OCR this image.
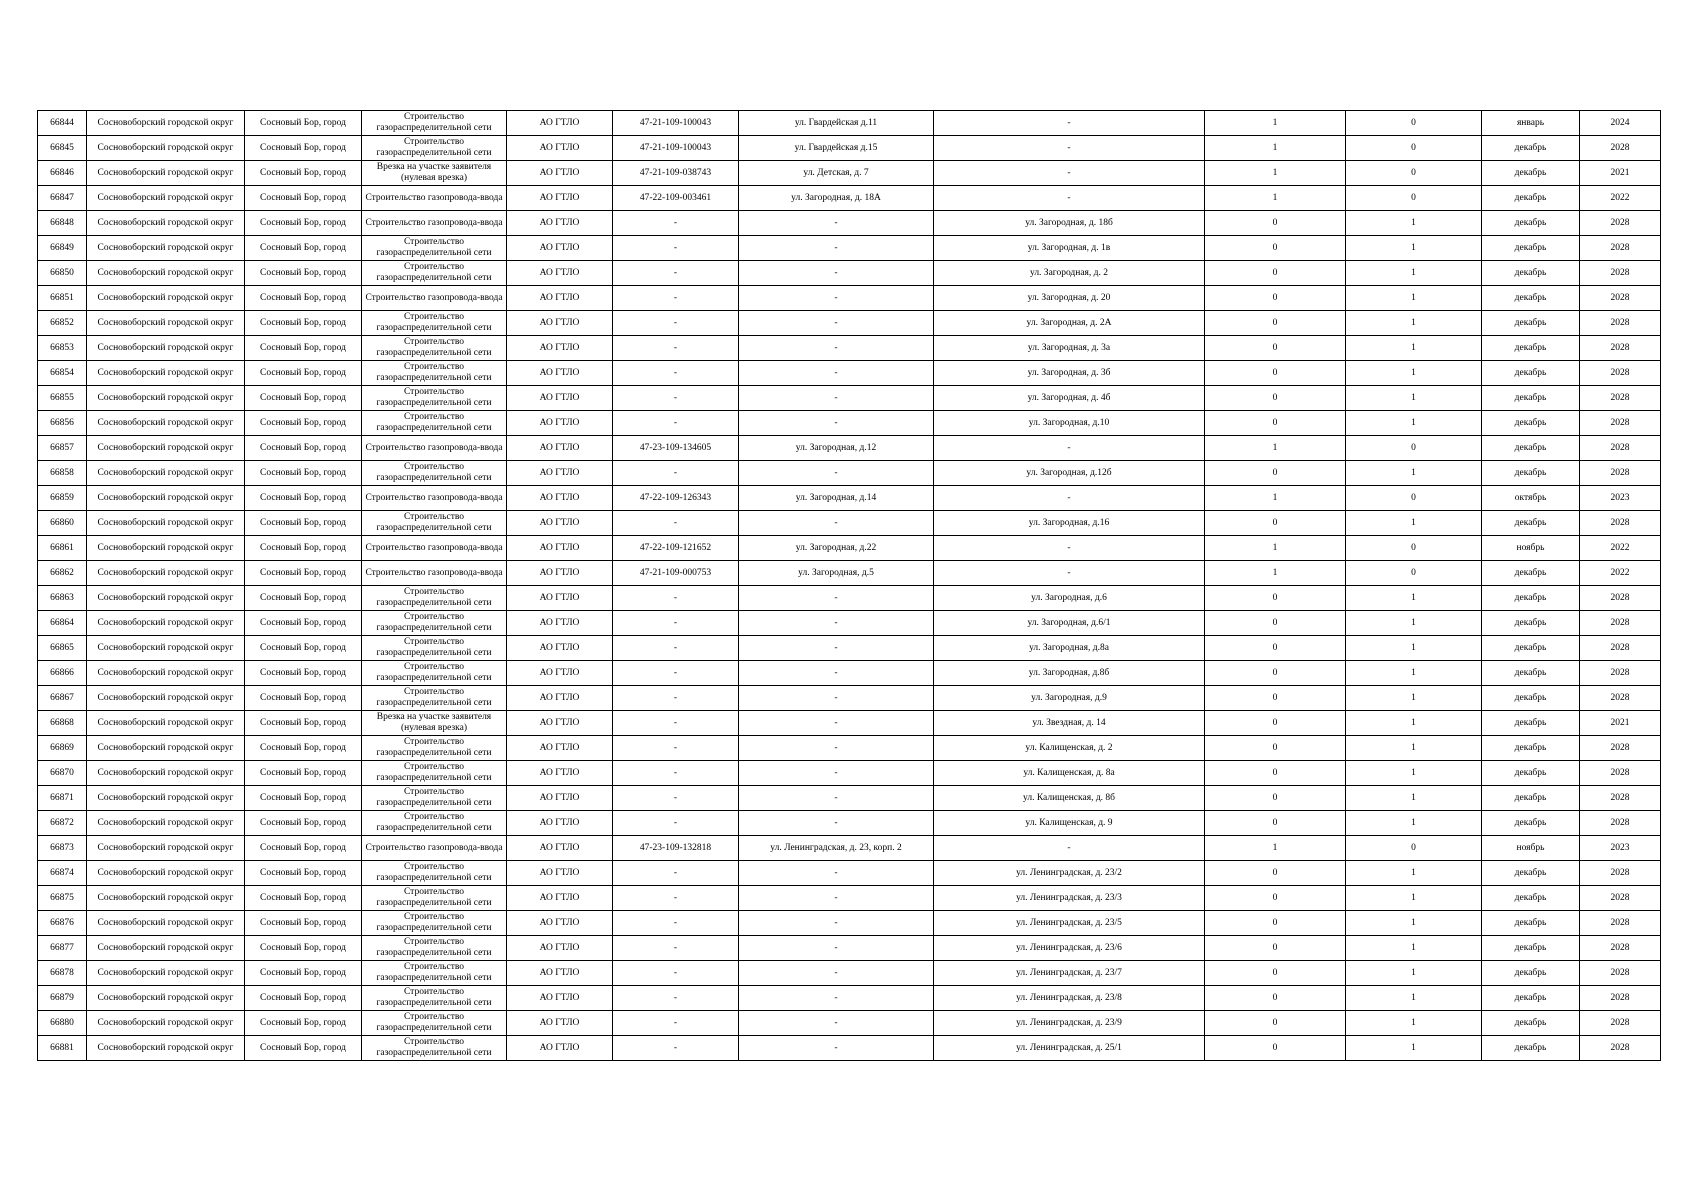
66844	Сосновоборский городской округ	Сосновый Бор, город	Строительство газораспределительной сети	АО ГТЛО	47-21-109-100043	ул. Гвардейская д.11	-	1	0	январь	2024
66845	Сосновоборский городской округ	Сосновый Бор, город	Строительство газораспределительной сети	АО ГТЛО	47-21-109-100043	ул. Гвардейская д.15	-	1	0	декабрь	2028
66846	Сосновоборский городской округ	Сосновый Бор, город	Врезка на участке заявителя (нулевая врезка)	АО ГТЛО	47-21-109-038743	ул. Детская, д. 7	-	1	0	декабрь	2021
66847	Сосновоборский городской округ	Сосновый Бор, город	Строительство газопровода-ввода	АО ГТЛО	47-22-109-003461	ул. Загородная, д. 18А	-	1	0	декабрь	2022
66848	Сосновоборский городской округ	Сосновый Бор, город	Строительство газопровода-ввода	АО ГТЛО	-	-	ул. Загородная, д. 18б	0	1	декабрь	2028
66849	Сосновоборский городской округ	Сосновый Бор, город	Строительство газораспределительной сети	АО ГТЛО	-	-	ул. Загородная, д. 1в	0	1	декабрь	2028
66850	Сосновоборский городской округ	Сосновый Бор, город	Строительство газораспределительной сети	АО ГТЛО	-	-	ул. Загородная, д. 2	0	1	декабрь	2028
66851	Сосновоборский городской округ	Сосновый Бор, город	Строительство газопровода-ввода	АО ГТЛО	-	-	ул. Загородная, д. 20	0	1	декабрь	2028
66852	Сосновоборский городской округ	Сосновый Бор, город	Строительство газораспределительной сети	АО ГТЛО	-	-	ул. Загородная, д. 2А	0	1	декабрь	2028
66853	Сосновоборский городской округ	Сосновый Бор, город	Строительство газораспределительной сети	АО ГТЛО	-	-	ул. Загородная, д. 3а	0	1	декабрь	2028
66854	Сосновоборский городской округ	Сосновый Бор, город	Строительство газораспределительной сети	АО ГТЛО	-	-	ул. Загородная, д. 3б	0	1	декабрь	2028
66855	Сосновоборский городской округ	Сосновый Бор, город	Строительство газораспределительной сети	АО ГТЛО	-	-	ул. Загородная, д. 4б	0	1	декабрь	2028
66856	Сосновоборский городской округ	Сосновый Бор, город	Строительство газораспределительной сети	АО ГТЛО	-	-	ул. Загородная, д.10	0	1	декабрь	2028
66857	Сосновоборский городской округ	Сосновый Бор, город	Строительство газопровода-ввода	АО ГТЛО	47-23-109-134605	ул. Загородная, д.12	-	1	0	декабрь	2028
66858	Сосновоборский городской округ	Сосновый Бор, город	Строительство газораспределительной сети	АО ГТЛО	-	-	ул. Загородная, д.12б	0	1	декабрь	2028
66859	Сосновоборский городской округ	Сосновый Бор, город	Строительство газопровода-ввода	АО ГТЛО	47-22-109-126343	ул. Загородная, д.14	-	1	0	октябрь	2023
66860	Сосновоборский городской округ	Сосновый Бор, город	Строительство газораспределительной сети	АО ГТЛО	-	-	ул. Загородная, д.16	0	1	декабрь	2028
66861	Сосновоборский городской округ	Сосновый Бор, город	Строительство газопровода-ввода	АО ГТЛО	47-22-109-121652	ул. Загородная, д.22	-	1	0	ноябрь	2022
66862	Сосновоборский городской округ	Сосновый Бор, город	Строительство газопровода-ввода	АО ГТЛО	47-21-109-000753	ул. Загородная, д.5	-	1	0	декабрь	2022
66863	Сосновоборский городской округ	Сосновый Бор, город	Строительство газораспределительной сети	АО ГТЛО	-	-	ул. Загородная, д.6	0	1	декабрь	2028
66864	Сосновоборский городской округ	Сосновый Бор, город	Строительство газораспределительной сети	АО ГТЛО	-	-	ул. Загородная, д.6/1	0	1	декабрь	2028
66865	Сосновоборский городской округ	Сосновый Бор, город	Строительство газораспределительной сети	АО ГТЛО	-	-	ул. Загородная, д.8а	0	1	декабрь	2028
66866	Сосновоборский городской округ	Сосновый Бор, город	Строительство газораспределительной сети	АО ГТЛО	-	-	ул. Загородная, д.8б	0	1	декабрь	2028
66867	Сосновоборский городской округ	Сосновый Бор, город	Строительство газораспределительной сети	АО ГТЛО	-	-	ул. Загородная, д.9	0	1	декабрь	2028
66868	Сосновоборский городской округ	Сосновый Бор, город	Врезка на участке заявителя (нулевая врезка)	АО ГТЛО	-	-	ул. Звездная, д. 14	0	1	декабрь	2021
66869	Сосновоборский городской округ	Сосновый Бор, город	Строительство газораспределительной сети	АО ГТЛО	-	-	ул. Калищенская, д. 2	0	1	декабрь	2028
66870	Сосновоборский городской округ	Сосновый Бор, город	Строительство газораспределительной сети	АО ГТЛО	-	-	ул. Калищенская, д. 8а	0	1	декабрь	2028
66871	Сосновоборский городской округ	Сосновый Бор, город	Строительство газораспределительной сети	АО ГТЛО	-	-	ул. Калищенская, д. 8б	0	1	декабрь	2028
66872	Сосновоборский городской округ	Сосновый Бор, город	Строительство газораспределительной сети	АО ГТЛО	-	-	ул. Калищенская, д. 9	0	1	декабрь	2028
66873	Сосновоборский городской округ	Сосновый Бор, город	Строительство газопровода-ввода	АО ГТЛО	47-23-109-132818	ул. Ленинградская, д. 23, корп. 2	-	1	0	ноябрь	2023
66874	Сосновоборский городской округ	Сосновый Бор, город	Строительство газораспределительной сети	АО ГТЛО	-	-	ул. Ленинградская, д. 23/2	0	1	декабрь	2028
66875	Сосновоборский городской округ	Сосновый Бор, город	Строительство газораспределительной сети	АО ГТЛО	-	-	ул. Ленинградская, д. 23/3	0	1	декабрь	2028
66876	Сосновоборский городской округ	Сосновый Бор, город	Строительство газораспределительной сети	АО ГТЛО	-	-	ул. Ленинградская, д. 23/5	0	1	декабрь	2028
66877	Сосновоборский городской округ	Сосновый Бор, город	Строительство газораспределительной сети	АО ГТЛО	-	-	ул. Ленинградская, д. 23/6	0	1	декабрь	2028
66878	Сосновоборский городской округ	Сосновый Бор, город	Строительство газораспределительной сети	АО ГТЛО	-	-	ул. Ленинградская, д. 23/7	0	1	декабрь	2028
66879	Сосновоборский городской округ	Сосновый Бор, город	Строительство газораспределительной сети	АО ГТЛО	-	-	ул. Ленинградская, д. 23/8	0	1	декабрь	2028
66880	Сосновоборский городской округ	Сосновый Бор, город	Строительство газораспределительной сети	АО ГТЛО	-	-	ул. Ленинградская, д. 23/9	0	1	декабрь	2028
66881	Сосновоборский городской округ	Сосновый Бор, город	Строительство газораспределительной сети	АО ГТЛО	-	-	ул. Ленинградская, д. 25/1	0	1	декабрь	2028
